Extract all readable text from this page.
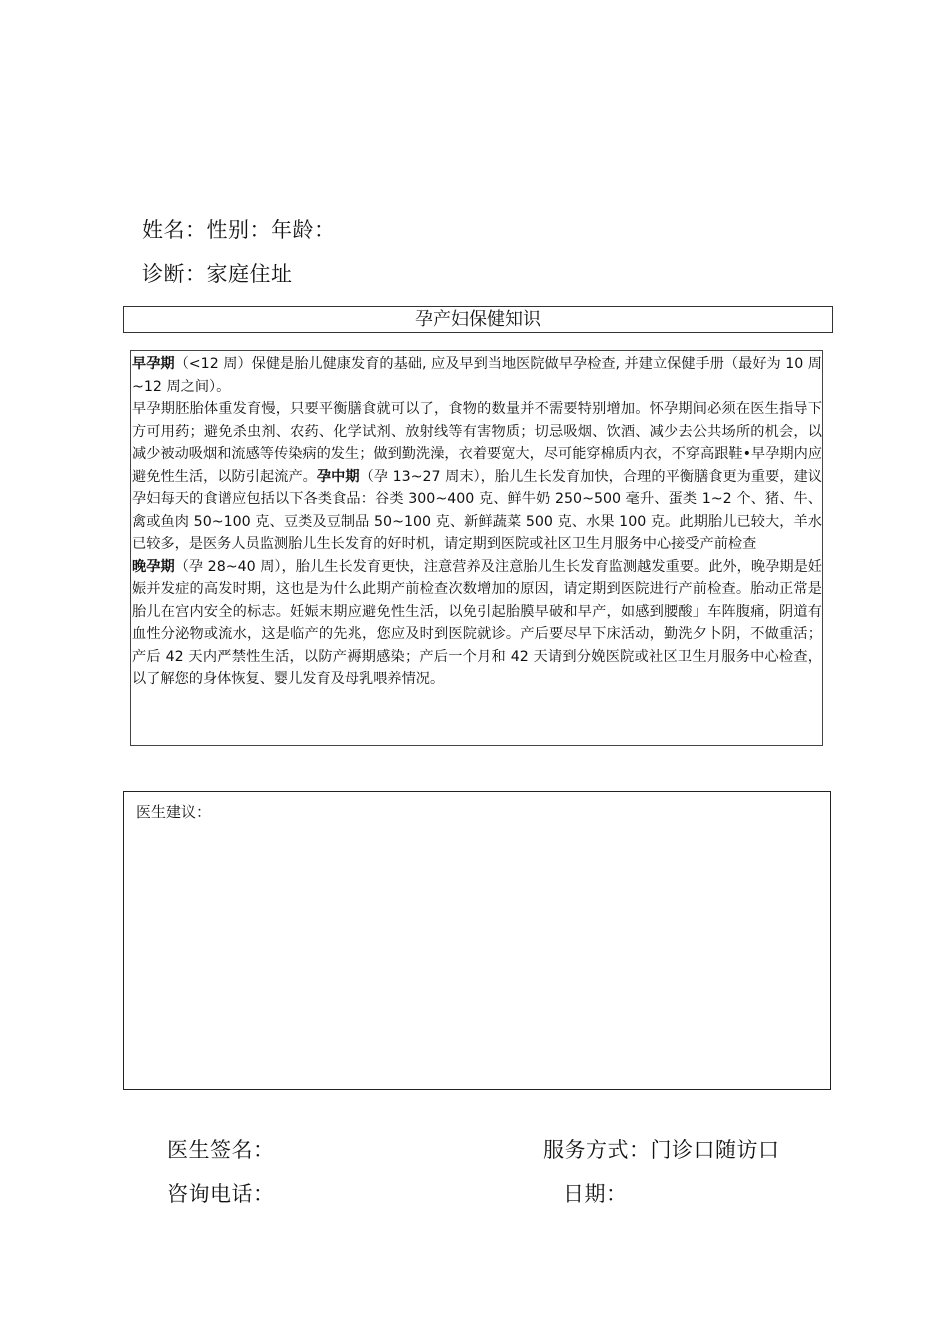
姓名：性别：年龄：
诊断：家庭住址
孕产妇保健知识

早孕期（<12 周）保健是胎儿健康发育的基础, 应及早到当地医院做早孕检查, 并建立保健手册（最好为 10 周~12 周之间）。

早孕期胚胎体重发育慢，只要平衡膳食就可以了，食物的数量并不需要特别增加。怀孕期间必须在医生指导下方可用药；避免杀虫剂、农药、化学试剂、放射线等有害物质；切忌吸烟、饮酒、减少去公共场所的机会，以减少被动吸烟和流感等传染病的发生；做到勤洗澡，衣着要宽大，尽可能穿棉质内衣，不穿高跟鞋•早孕期内应避免性生活，以防引起流产。孕中期（孕 13~27 周末），胎儿生长发育加快，合理的平衡膳食更为重要，建议孕妇每天的食谱应包括以下各类食品：谷类 300~400 克、鲜牛奶 250~500 毫升、蛋类 1~2 个、猪、牛、禽或鱼肉 50~100 克、豆类及豆制品 50~100 克、新鲜蔬菜 500 克、水果 100 克。此期胎儿已较大，羊水已较多，是医务人员监测胎儿生长发育的好时机，请定期到医院或社区卫生月服务中心接受产前检查

晚孕期（孕 28~40 周），胎儿生长发育更快，注意营养及注意胎儿生长发育监测越发重要。此外，晚孕期是妊娠并发症的高发时期，这也是为什么此期产前检查次数增加的原因，请定期到医院进行产前检查。胎动正常是胎儿在宫内安全的标志。妊娠末期应避免性生活，以免引起胎膜早破和早产，如感到腰酸」车阵腹痛，阴道有血性分泌物或流水，这是临产的先兆，您应及时到医院就诊。产后要尽早下床活动，勤洗夕卜阴，不做重活；产后 42 天内严禁性生活，以防产褥期感染；产后一个月和 42 天请到分娩医院或社区卫生月服务中心检查，以了解您的身体恢复、婴儿发育及母乳喂养情况。

医生建议：
医生签名：	服务方式：门诊口随访口
咨询电话：	日期：
